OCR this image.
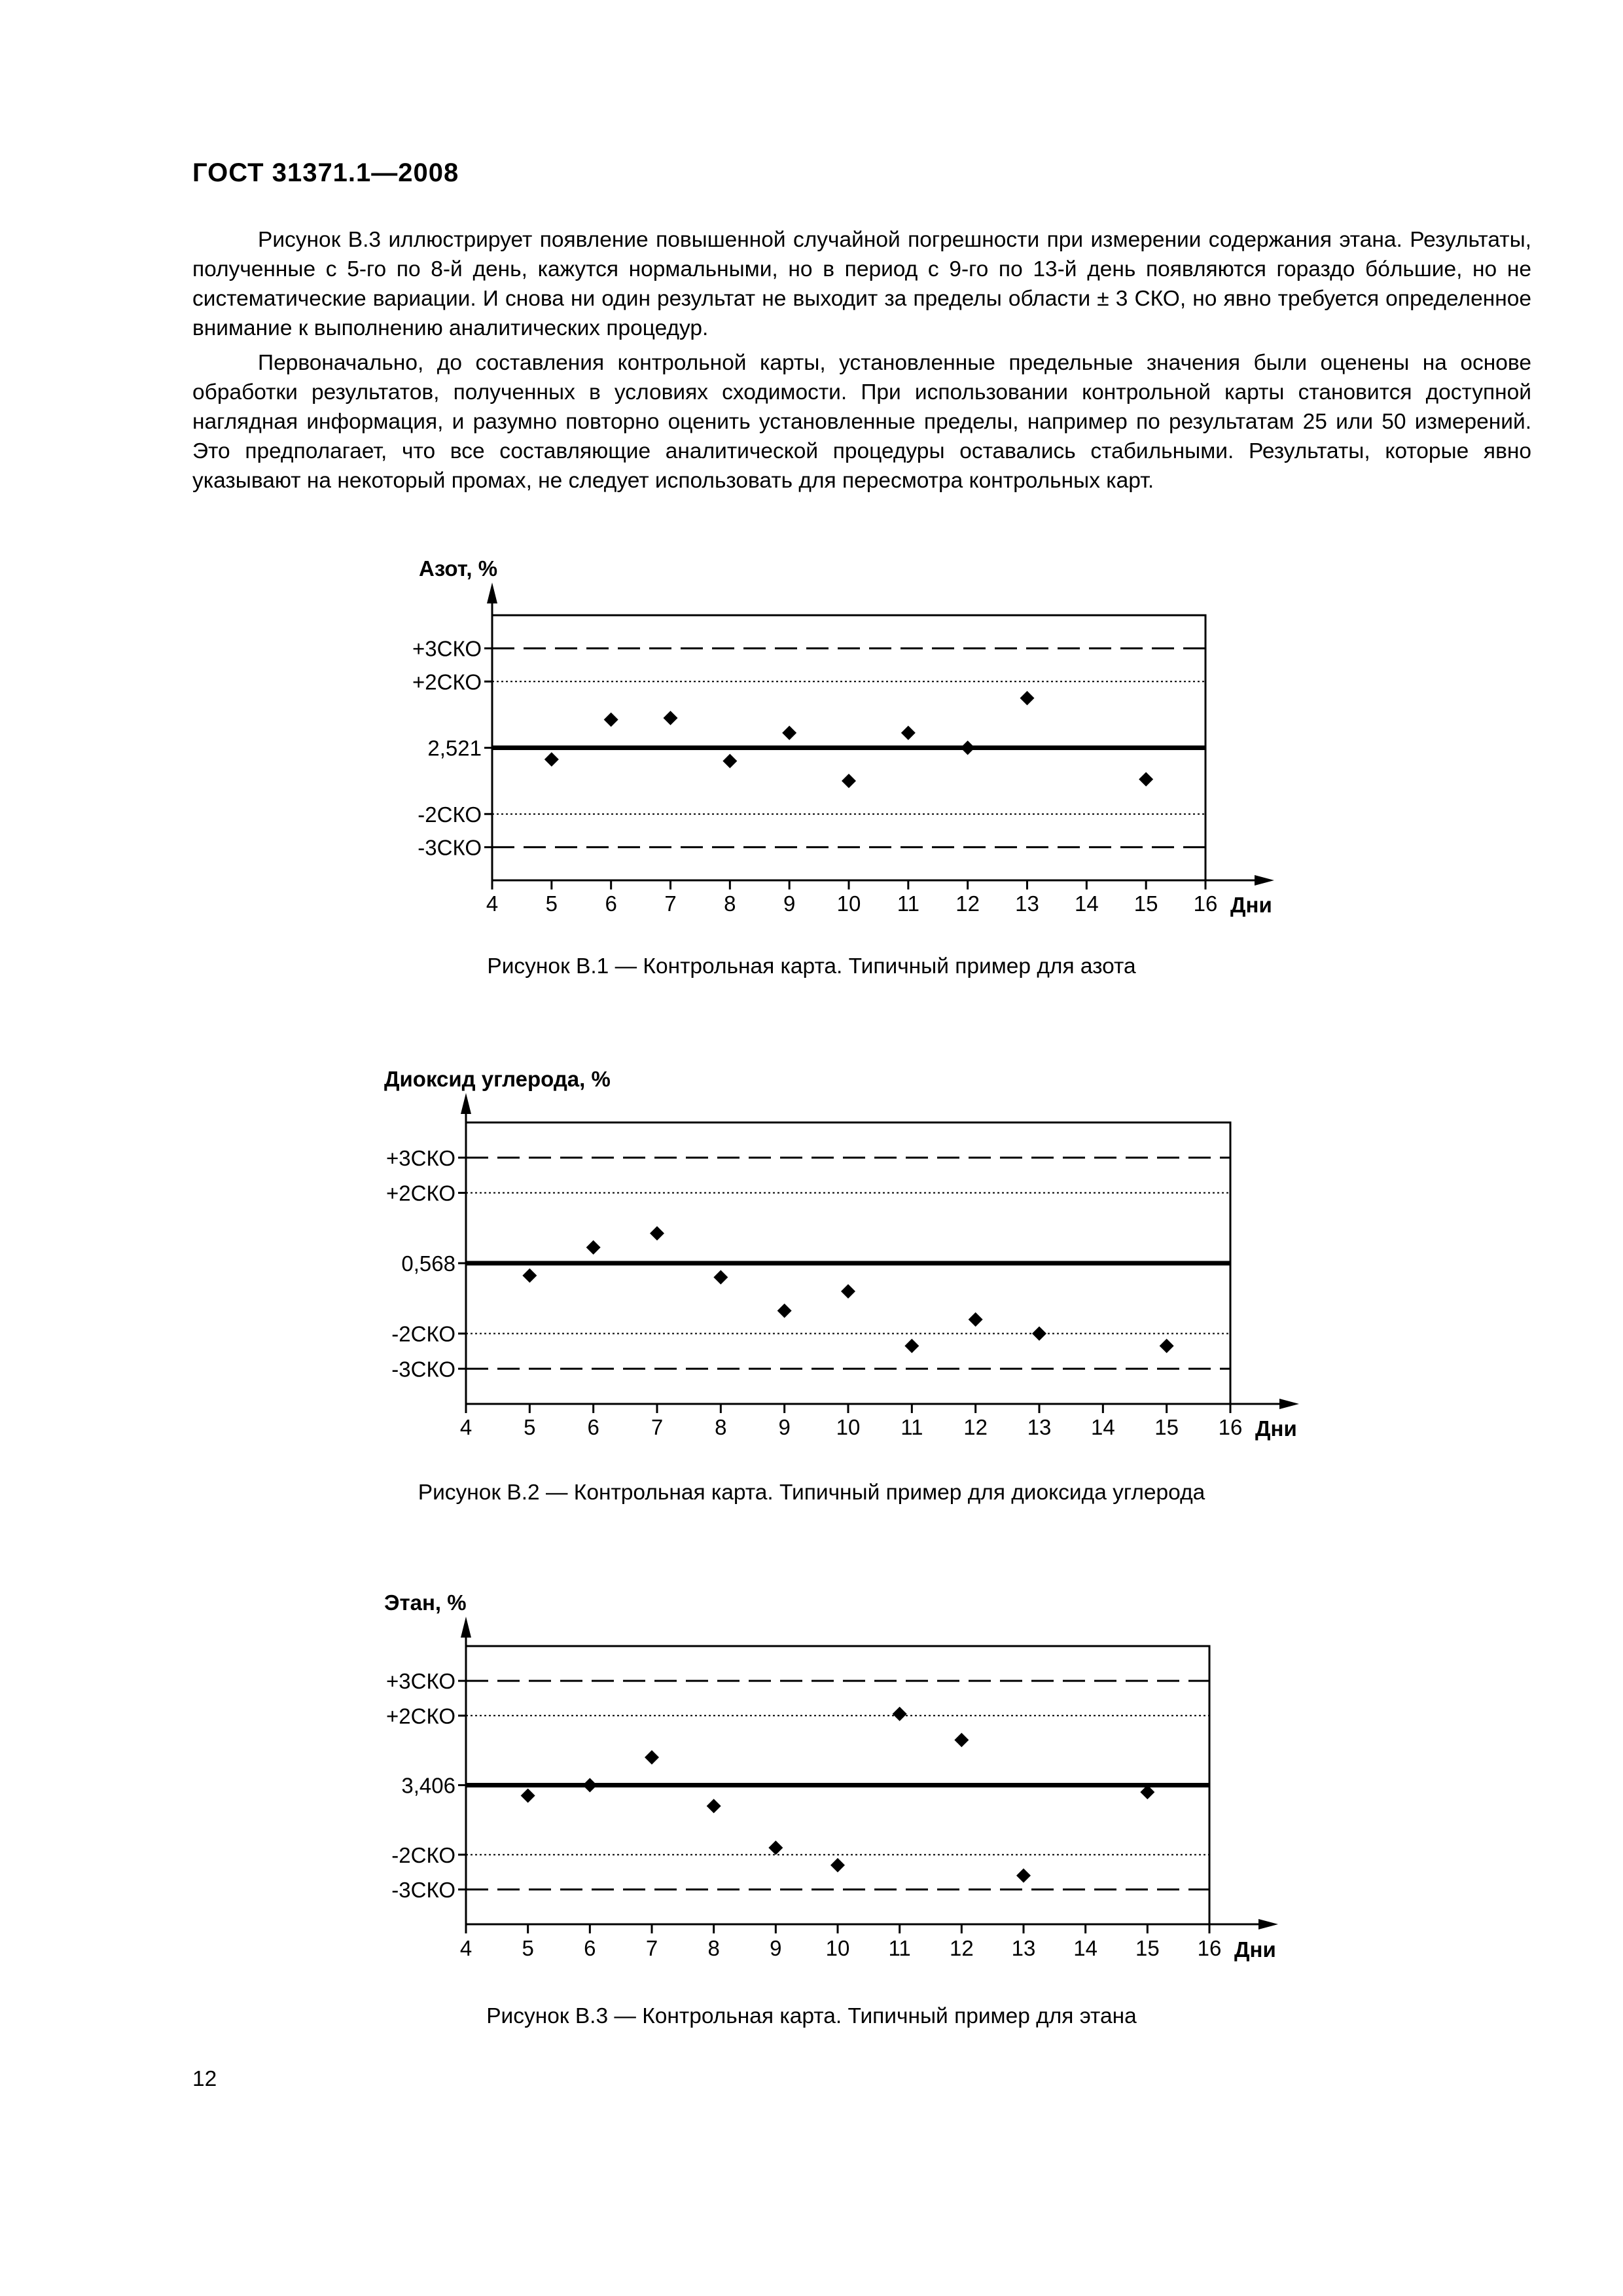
ГОСТ 31371.1—2008

Рисунок В.3 иллюстрирует появление повышенной случайной погрешности при измерении содержания этана. Результаты, полученные с 5-го по 8-й день, кажутся нормальными, но в период с 9-го по 13-й день появляются гораздо бо́льшие, но не систематические вариации. И снова ни один результат не выходит за пределы области ± 3 СКО, но явно требуется определенное внимание к выполнению аналитических процедур.

Первоначально, до составления контрольной карты, установленные предельные значения были оценены на основе обработки результатов, полученных в условиях сходимости. При использовании контрольной карты становится доступной наглядная информация, и разумно повторно оценить установленные пределы, например по результатам 25 или 50 измерений. Это предполагает, что все составляющие аналитической процедуры оставались стабильными. Результаты, которые явно указывают на некоторый промах, не следует использовать для пересмотра контрольных карт.

Азот, %
+3СКО
+2СКО
2,521
-2СКО
-3СКО
4 5 6 7 8 9 10 11 12 13 14 15 16 Дни
Рисунок В.1 — Контрольная карта. Типичный пример для азота
Диоксид углерода, %
+3СКО
+2СКО
0,568
-2СКО
-3СКО
4 5 6 7 8 9 10 11 12 13 14 15 16 Дни
Рисунок В.2 — Контрольная карта. Типичный пример для диоксида углерода
Этан, %
+3СКО
+2СКО
3,406
-2СКО
-3СКО
4 5 6 7 8 9 10 11 12 13 14 15 16 Дни
Рисунок В.3 — Контрольная карта. Типичный пример для этана
12
